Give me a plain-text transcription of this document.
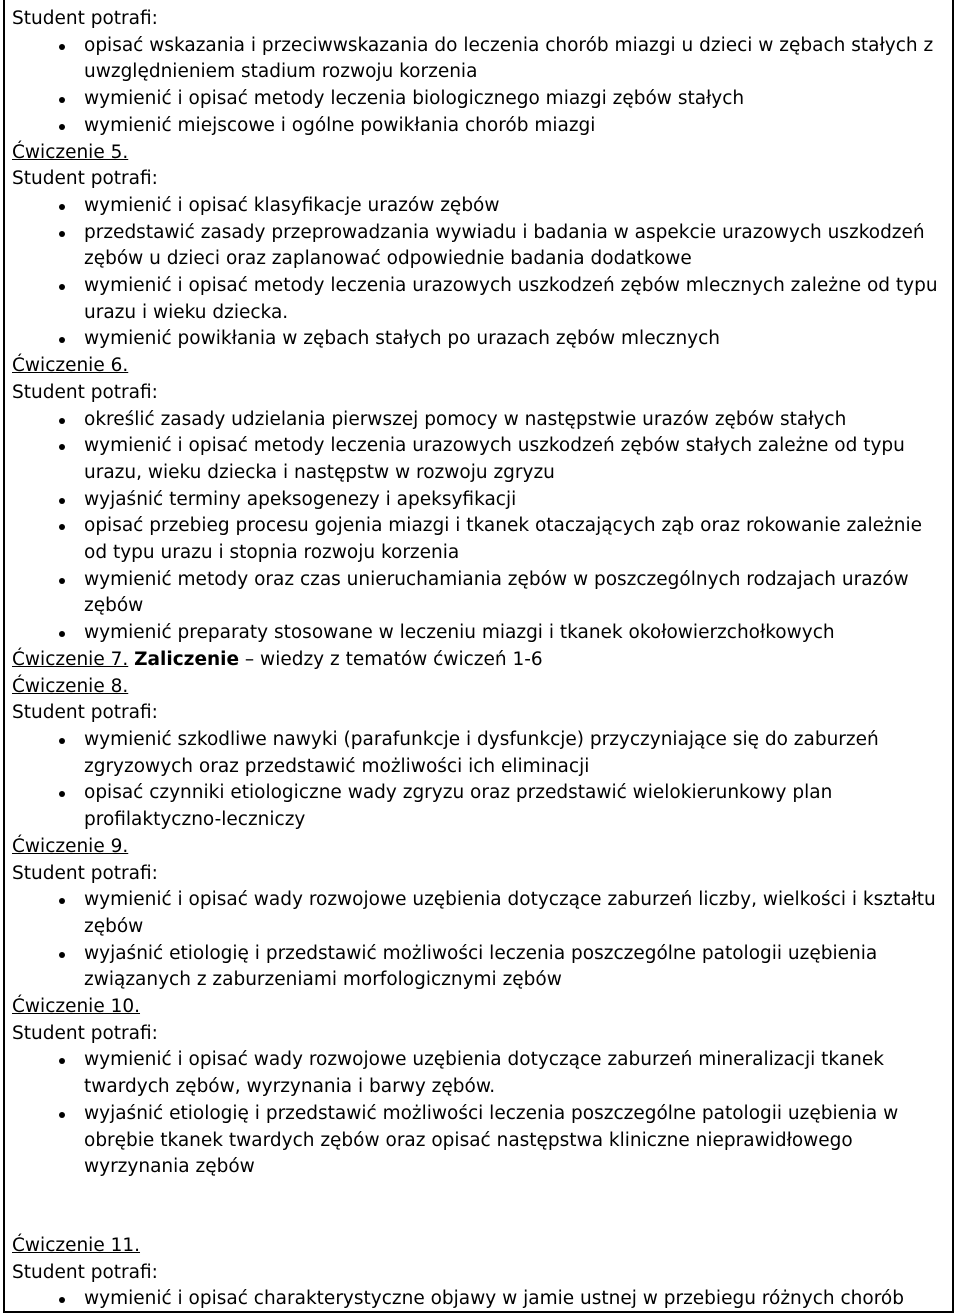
Student potrafi:
opisać wskazania i przeciwwskazania do leczenia chorób miazgi u dzieci w zębach stałych z uwzględnieniem stadium rozwoju korzenia
wymienić i opisać metody leczenia biologicznego miazgi zębów stałych
wymienić miejscowe i ogólne powikłania chorób miazgi
Ćwiczenie 5.
Student potrafi:
wymienić i opisać klasyfikacje urazów zębów
przedstawić zasady przeprowadzania wywiadu i badania w aspekcie urazowych uszkodzeń zębów u dzieci oraz zaplanować odpowiednie badania dodatkowe
wymienić i opisać metody leczenia urazowych uszkodzeń zębów mlecznych zależne od typu urazu i wieku dziecka.
wymienić powikłania w zębach stałych po urazach zębów mlecznych
Ćwiczenie 6.
Student potrafi:
określić zasady udzielania pierwszej pomocy w następstwie urazów zębów stałych
wymienić i opisać metody leczenia urazowych uszkodzeń zębów stałych zależne od typu urazu, wieku dziecka i następstw w rozwoju zgryzu
wyjaśnić terminy apeksogenezy i apeksyfikacji
opisać przebieg procesu gojenia miazgi i tkanek otaczających ząb oraz rokowanie zależnie od typu urazu i stopnia rozwoju korzenia
wymienić metody oraz czas unieruchamiania zębów w poszczególnych rodzajach urazów zębów
wymienić preparaty stosowane w leczeniu miazgi i tkanek okołowierzchołkowych
Ćwiczenie 7. Zaliczenie – wiedzy z tematów ćwiczeń 1-6
Ćwiczenie 8.
Student potrafi:
wymienić szkodliwe nawyki (parafunkcje i dysfunkcje) przyczyniające się do zaburzeń zgryzowych oraz przedstawić możliwości ich eliminacji
opisać czynniki etiologiczne wady zgryzu oraz przedstawić wielokierunkowy plan profilaktyczno-leczniczy
Ćwiczenie 9.
Student potrafi:
wymienić i opisać wady rozwojowe uzębienia dotyczące zaburzeń liczby, wielkości i kształtu zębów
wyjaśnić etiologię i przedstawić możliwości leczenia poszczególne patologii uzębienia związanych z zaburzeniami morfologicznymi zębów
Ćwiczenie 10.
Student potrafi:
wymienić i opisać wady rozwojowe uzębienia dotyczące zaburzeń mineralizacji tkanek twardych zębów, wyrzynania i barwy zębów.
wyjaśnić etiologię i przedstawić możliwości leczenia poszczególne patologii uzębienia w obrębie tkanek twardych zębów oraz opisać następstwa kliniczne nieprawidłowego wyrzynania zębów
Ćwiczenie 11.
Student potrafi:
wymienić i opisać charakterystyczne objawy w jamie ustnej w przebiegu różnych chorób
